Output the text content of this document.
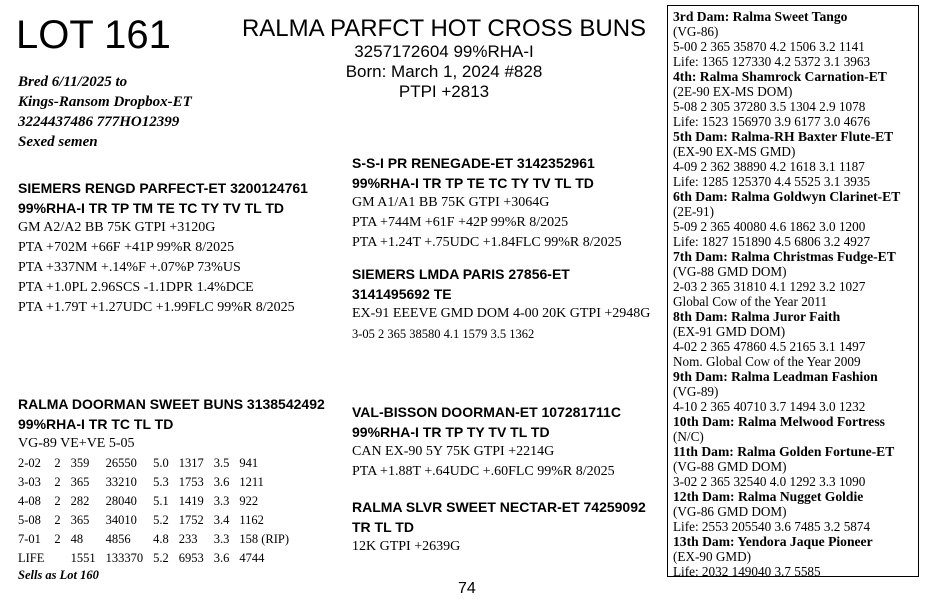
LOT 161	RALMA PARFCT HOT CROSS BUNS
3257172604 99%RHA-I
Born: March 1, 2024 #828
PTPI +2813
Bred 6/11/2025 to
Kings-Ransom Dropbox-ET
3224437486 777HO12399
Sexed semen
SIEMERS RENGD PARFECT-ET 3200124761
99%RHA-I TR TP TM TE TC TY TV TL TD
GM A2/A2 BB 75K GTPI +3120G
PTA +702M +66F +41P 99%R 8/2025
PTA +337NM +.14%F +.07%P 73%US
PTA +1.0PL 2.96SCS -1.1DPR 1.4%DCE
PTA +1.79T +1.27UDC +1.99FLC 99%R 8/2025
S-S-I PR RENEGADE-ET 3142352961
99%RHA-I TR TP TE TC TY TV TL TD
GM A1/A1 BB 75K GTPI +3064G
PTA +744M +61F +42P 99%R 8/2025
PTA +1.24T +.75UDC +1.84FLC 99%R 8/2025
SIEMERS LMDA PARIS 27856-ET
3141495692 TE
EX-91 EEEVE GMD DOM 4-00 20K GTPI +2948G
3-05 2 365 38580 4.1 1579 3.5 1362
RALMA DOORMAN SWEET BUNS 3138542492
99%RHA-I TR TC TL TD
VG-89 VE+VE 5-05
2-02	2	359	26550	5.0	1317	3.5	941
3-03	2	365	33210	5.3	1753	3.6	1211
4-08	2	282	28040	5.1	1419	3.3	922
5-08	2	365	34010	5.2	1752	3.4	1162
7-01	2	48	4856	4.8	233	3.3	158 (RIP)
LIFE		1551	133370	5.2	6953	3.6	4744
Sells as Lot 160
VAL-BISSON DOORMAN-ET 107281711C
99%RHA-I TR TP TY TV TL TD
CAN EX-90 5Y 75K GTPI +2214G
PTA +1.88T +.64UDC +.60FLC 99%R 8/2025
RALMA SLVR SWEET NECTAR-ET 74259092
TR TL TD
12K GTPI +2639G
3rd Dam: Ralma Sweet Tango
(VG-86)
5-00 2 365 35870 4.2 1506 3.2 1141
Life: 1365 127330 4.2 5372 3.1 3963
4th: Ralma Shamrock Carnation-ET
(2E-90 EX-MS DOM)
5-08 2 305 37280 3.5 1304 2.9 1078
Life: 1523 156970 3.9 6177 3.0 4676
5th Dam: Ralma-RH Baxter Flute-ET
(EX-90 EX-MS GMD)
4-09 2 362 38890 4.2 1618 3.1 1187
Life: 1285 125370 4.4 5525 3.1 3935
6th Dam: Ralma Goldwyn Clarinet-ET
(2E-91)
5-09 2 365 40080 4.6 1862 3.0 1200
Life: 1827 151890 4.5 6806 3.2 4927
7th Dam: Ralma Christmas Fudge-ET
(VG-88 GMD DOM)
2-03 2 365 31810 4.1 1292 3.2 1027
Global Cow of the Year 2011
8th Dam: Ralma Juror Faith
(EX-91 GMD DOM)
4-02 2 365 47860 4.5 2165 3.1 1497
Nom. Global Cow of the Year 2009
9th Dam: Ralma Leadman Fashion
(VG-89)
4-10 2 365 40710 3.7 1494 3.0 1232
10th Dam: Ralma Melwood Fortress
(N/C)
11th Dam: Ralma Golden Fortune-ET
(VG-88 GMD DOM)
3-02 2 365 32540 4.0 1292 3.3 1090
12th Dam: Ralma Nugget Goldie
(VG-86 GMD DOM)
Life: 2553 205540 3.6 7485 3.2 5874
13th Dam: Yendora Jaque Pioneer
(EX-90 GMD)
Life: 2032 149040 3.7 5585
74
